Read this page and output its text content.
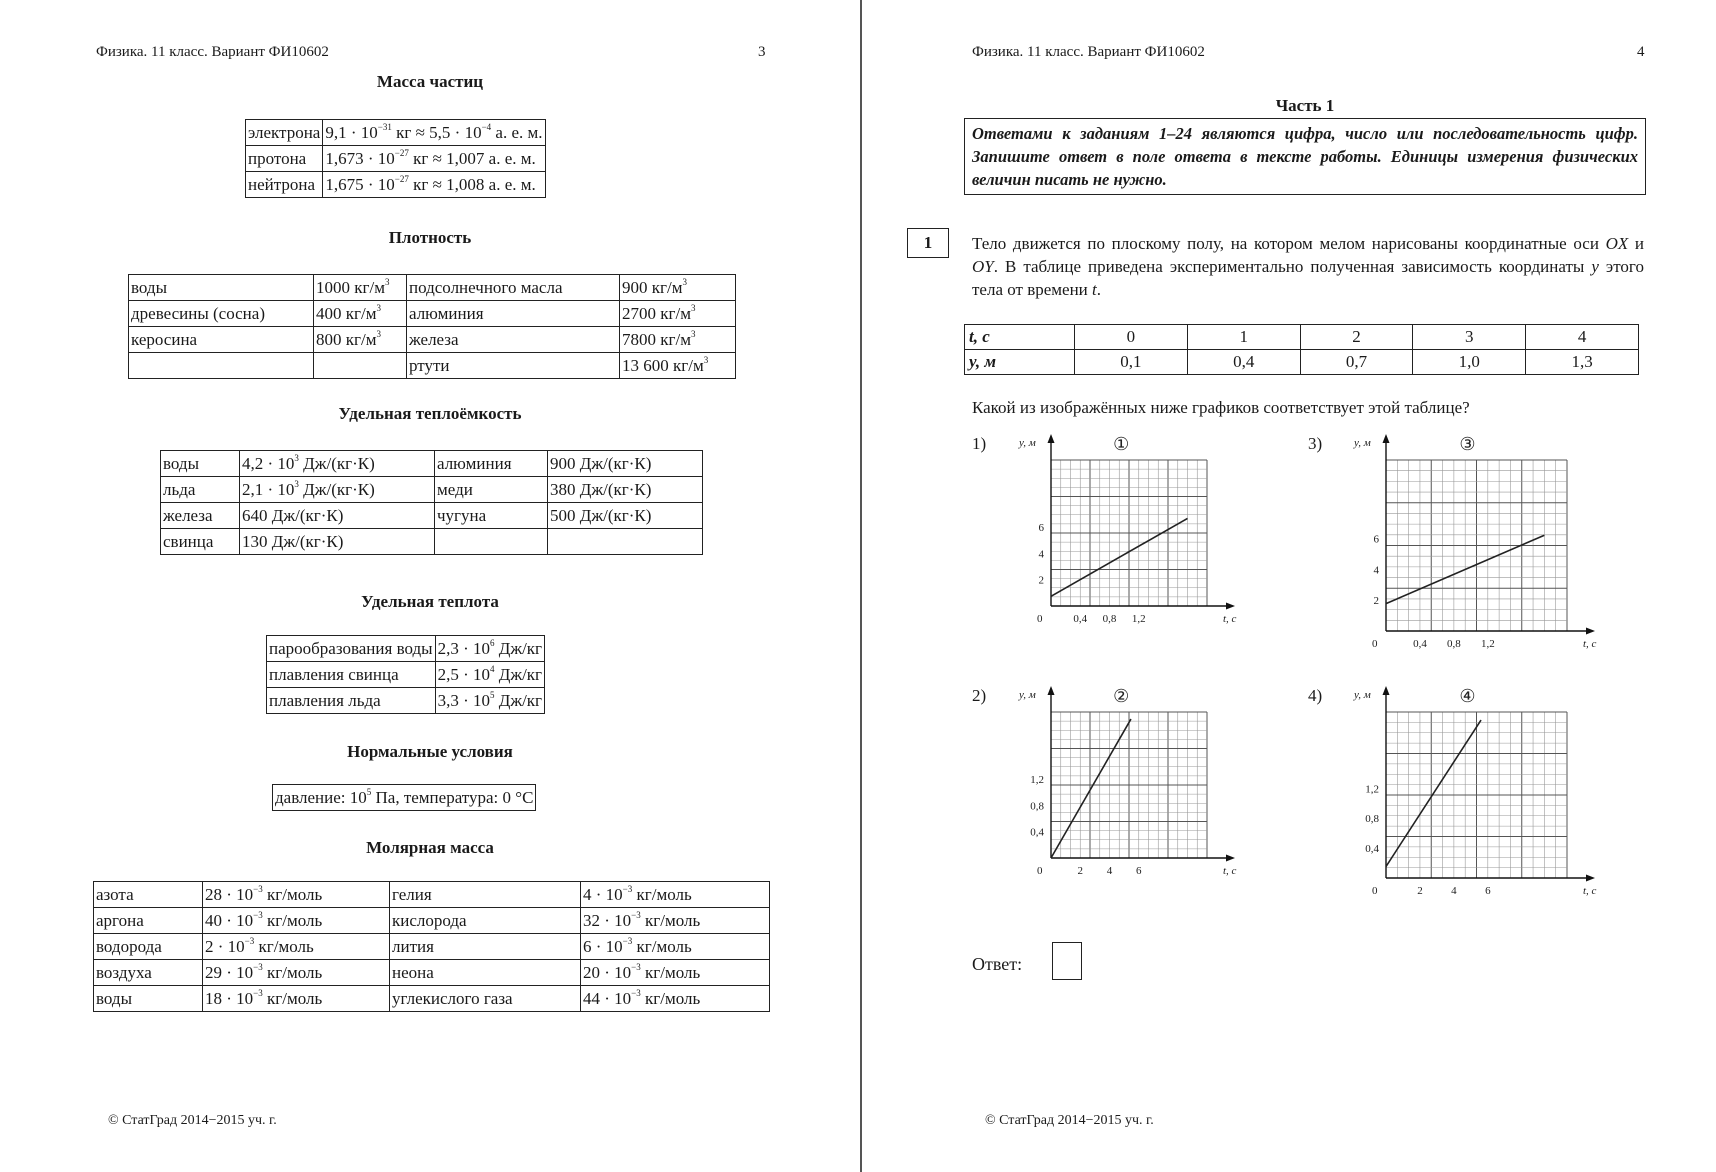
Физика. 11 класс. Вариант ФИ10602	3
Масса частиц
электрона	$9,1 \cdot 10^{-31}$ кг ≈ $5,5 \cdot 10^{-4}$ а. е. м.
протона	$1,673 \cdot 10^{-27}$ кг ≈ 1,007 а. е. м.
нейтрона	$1,675 \cdot 10^{-27}$ кг ≈ 1,008 а. е. м.
Плотность
воды	1000 $кг/м^3$	подсолнечного масла	900 $кг/м^3$
древесины (сосна)	400 $кг/м^3$	алюминия	2700 $кг/м^3$
керосина	800 $кг/м^3$	железа	7800 $кг/м^3$
		ртути	13 600 $кг/м^3$
Удельная теплоёмкость
воды	$4,2 \cdot 10^3$ Дж/(кг·К)	алюминия	900 Дж/(кг·К)
льда	$2,1 \cdot 10^3$ Дж/(кг·К)	меди	380 Дж/(кг·К)
железа	640 Дж/(кг·К)	чугуна	500 Дж/(кг·К)
свинца	130 Дж/(кг·К)		
Удельная теплота
парообразования воды	$2,3 \cdot 10^6$ Дж/кг
плавления свинца	$2,5 \cdot 10^4$ Дж/кг
плавления льда	$3,3 \cdot 10^5$ Дж/кг
Нормальные условия
давление: $10^5$ Па, температура: 0 °С
Молярная масса
азота	$28 \cdot 10^{-3}$ кг/моль	гелия	$4 \cdot 10^{-3}$ кг/моль
аргона	$40 \cdot 10^{-3}$ кг/моль	кислорода	$32 \cdot 10^{-3}$ кг/моль
водорода	$2 \cdot 10^{-3}$ кг/моль	лития	$6 \cdot 10^{-3}$ кг/моль
воздуха	$29 \cdot 10^{-3}$ кг/моль	неона	$20 \cdot 10^{-3}$ кг/моль
воды	$18 \cdot 10^{-3}$ кг/моль	углекислого газа	$44 \cdot 10^{-3}$ кг/моль
© СтатГрад 2014−2015 уч. г.
Физика. 11 класс. Вариант ФИ10602	4
Часть 1
Ответами к заданиям 1–24 являются цифра, число или последовательность цифр. Запишите ответ в поле ответа в тексте работы. Единицы измерения физических величин писать не нужно.
1	Тело движется по плоскому полу, на котором мелом нарисованы координатные оси OX и OY. В таблице приведена экспериментально полученная зависимость координаты y этого тела от времени t.
t, c	0	1	2	3	4
y, м	0,1	0,4	0,7	1,0	1,3
Какой из изображённых ниже графиков соответствует этой таблице?
1)	3)
2)	4)
y, м
t, c
0	0,4 0,8 1,2
2
4
6
①	y, м
t, c
0	0,4 0,8 1,2
2
4
6
③
y, м
t, c
0	2 4 6
0,4
0,8
1,2
②	y, м
t, c
0	2	4	6
0,4
0,8
1,2
④
Ответ:
© СтатГрад 2014−2015 уч. г.
